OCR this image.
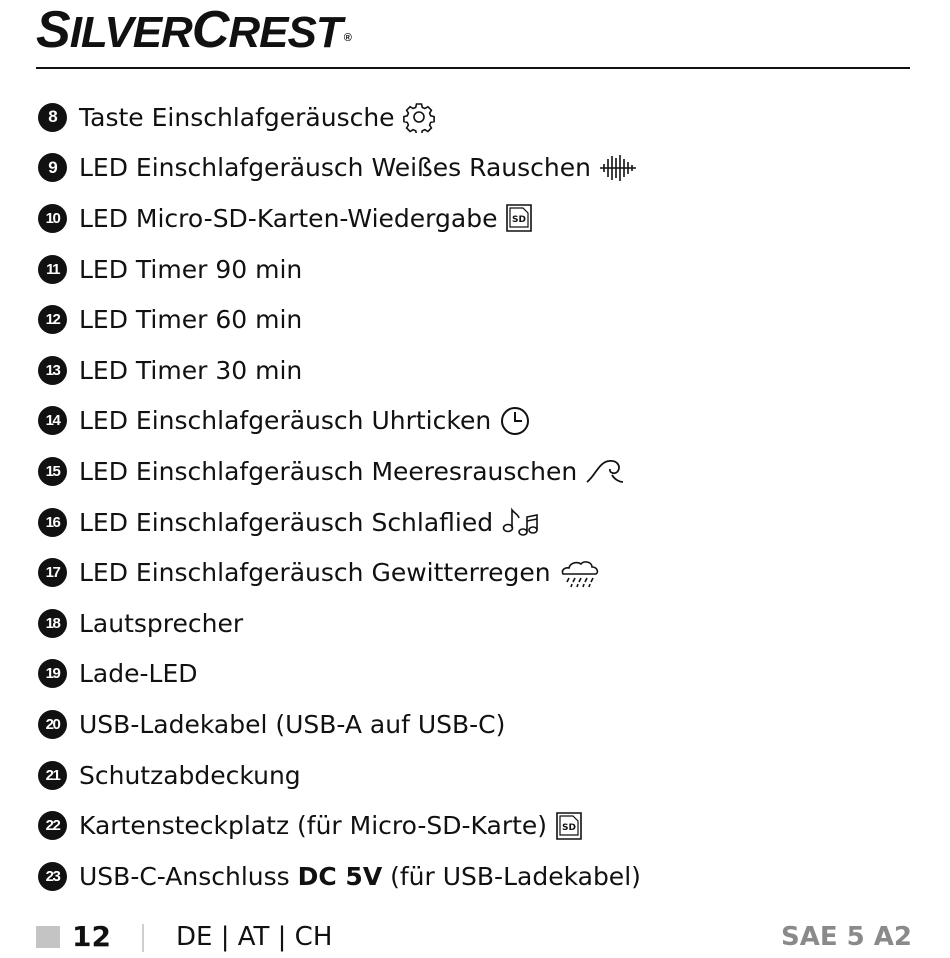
SILVERCREST ®
8 Taste Einschlafgeräusche
9 LED Einschlafgeräusch Weißes Rauschen
10 LED Micro-SD-Karten-Wiedergabe SD
11 LED Timer 90 min
12 LED Timer 60 min
13 LED Timer 30 min
14 LED Einschlafgeräusch Uhrticken
15 LED Einschlafgeräusch Meeresrauschen
16 LED Einschlafgeräusch Schlaflied
17 LED Einschlafgeräusch Gewitterregen
18 Lautsprecher
19 Lade-LED
20 USB-Ladekabel (USB-A auf USB-C)
21 Schutzabdeckung
22 Kartensteckplatz (für Micro-SD-Karte) SD
23 USB-C-Anschluss DC 5V (für USB-Ladekabel)
12	DE | AT | CH	SAE 5 A2
